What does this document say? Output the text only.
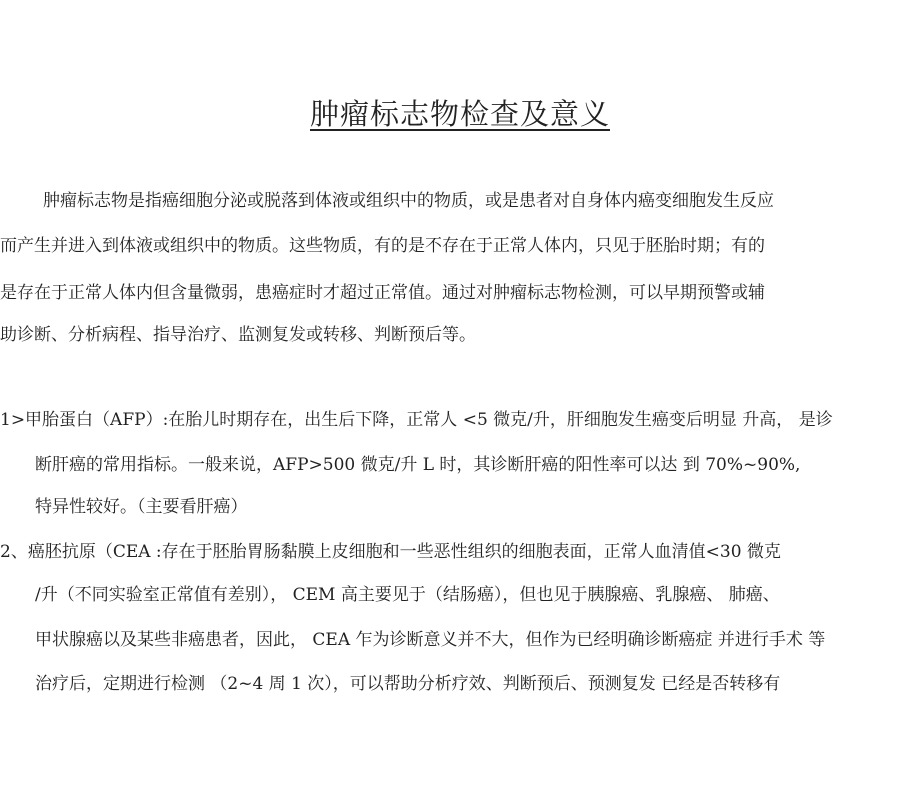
肿瘤标志物检查及意义

肿瘤标志物是指癌细胞分泌或脱落到体液或组织中的物质，或是患者对自身体内癌变细胞发生反应

而产生并进入到体液或组织中的物质。这些物质，有的是不存在于正常人体内，只见于胚胎时期；有的

是存在于正常人体内但含量微弱，患癌症时才超过正常值。通过对肿瘤标志物检测，可以早期预警或辅

助诊断、分析病程、指导治疗、监测复发或转移、判断预后等。

1>甲胎蛋白（AFP）:在胎儿时期存在，出生后下降，正常人 <5 微克/升，肝细胞发生癌变后明显 升高， 是诊

断肝癌的常用指标。一般来说，AFP>500 微克/升 L 时，其诊断肝癌的阳性率可以达 到 70%~90%,

特异性较好。（主要看肝癌）

2、癌胚抗原（CEA :存在于胚胎胃肠黏膜上皮细胞和一些恶性组织的细胞表面，正常人血清值<30 微克

/升（不同实验室正常值有差别）， CEM 高主要见于（结肠癌），但也见于胰腺癌、乳腺癌、 肺癌、

甲状腺癌以及某些非癌患者，因此， CEA 乍为诊断意义并不大，但作为已经明确诊断癌症 并进行手术 等

治疗后，定期进行检测 （2~4 周 1 次），可以帮助分析疗效、判断预后、预测复发 已经是否转移有
